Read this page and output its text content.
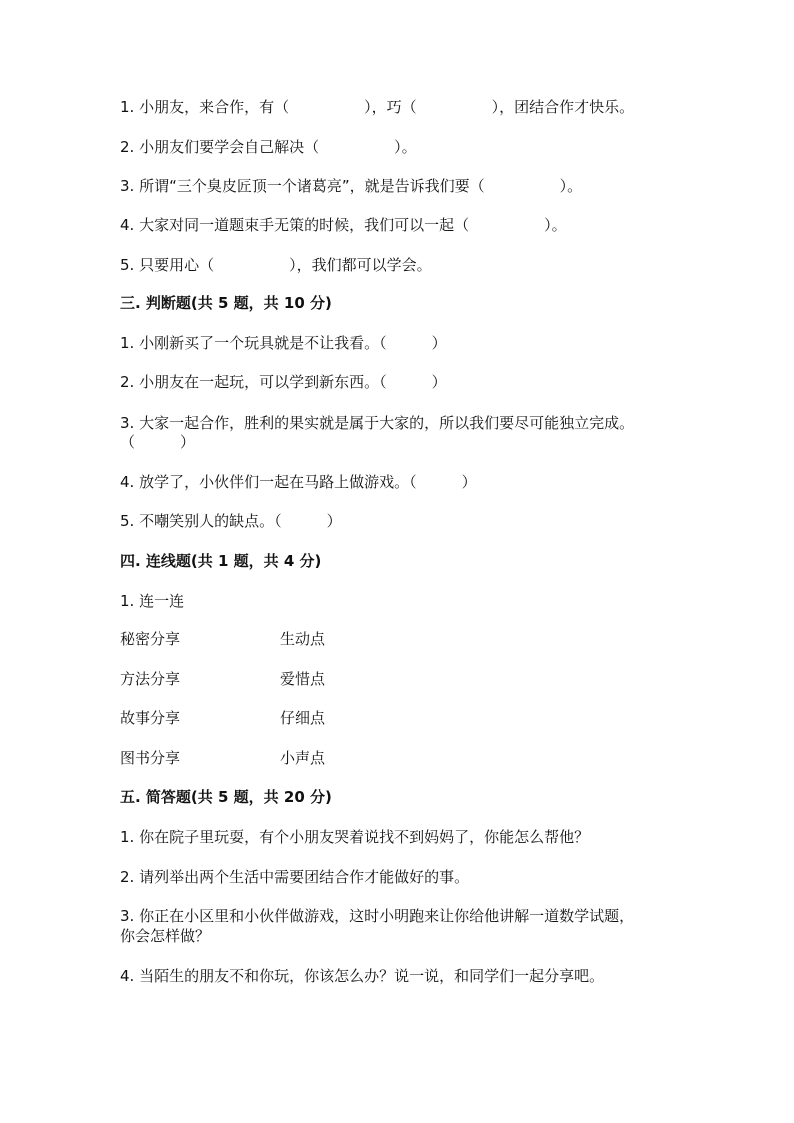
1. 小朋友，来合作，有（　　　　　），巧（　　　　　），团结合作才快乐。
2. 小朋友们要学会自己解决（　　　　　）。
3. 所谓“三个臭皮匠顶一个诸葛亮”，就是告诉我们要（　　　　　）。
4. 大家对同一道题束手无策的时候，我们可以一起（　　　　　）。
5. 只要用心（　　　　　），我们都可以学会。
三. 判断题(共 5 题，共 10 分)
1. 小刚新买了一个玩具就是不让我看。（　　　）
2. 小朋友在一起玩，可以学到新东西。（　　　）
3. 大家一起合作，胜利的果实就是属于大家的，所以我们要尽可能独立完成。
（　　　）
4. 放学了，小伙伴们一起在马路上做游戏。（　　　）
5. 不嘲笑别人的缺点。（　　　）
四. 连线题(共 1 题，共 4 分)
1. 连一连
秘密分享	生动点
方法分享	爱惜点
故事分享	仔细点
图书分享	小声点
五. 简答题(共 5 题，共 20 分)
1. 你在院子里玩耍，有个小朋友哭着说找不到妈妈了，你能怎么帮他？
2. 请列举出两个生活中需要团结合作才能做好的事。
3. 你正在小区里和小伙伴做游戏，这时小明跑来让你给他讲解一道数学试题，
你会怎样做？
4. 当陌生的朋友不和你玩，你该怎么办？说一说，和同学们一起分享吧。
